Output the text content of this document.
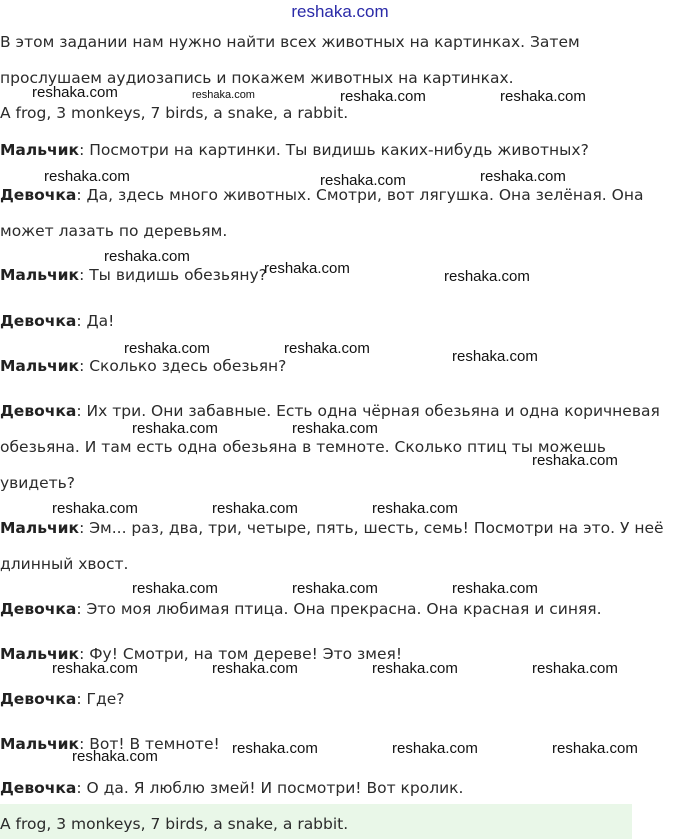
reshaka.com
В этом задании нам нужно найти всех животных на картинках. Затем
прослушаем аудиозапись и покажем животных на картинках.
A frog, 3 monkeys, 7 birds, a snake, a rabbit.
Мальчик: Посмотри на картинки. Ты видишь каких-нибудь животных?
Девочка: Да, здесь много животных. Смотри, вот лягушка. Она зелёная. Она
может лазать по деревьям.
Мальчик: Ты видишь обезьяну?
Девочка: Да!
Мальчик: Сколько здесь обезьян?
Девочка: Их три. Они забавные. Есть одна чёрная обезьяна и одна коричневая
обезьяна. И там есть одна обезьяна в темноте. Сколько птиц ты можешь
увидеть?
Мальчик: Эм... раз, два, три, четыре, пять, шесть, семь! Посмотри на это. У неё
длинный хвост.
Девочка: Это моя любимая птица. Она прекрасна. Она красная и синяя.
Мальчик: Фу! Смотри, на том дереве! Это змея!
Девочка: Где?
Мальчик: Вот! В темноте!
Девочка: О да. Я люблю змей! И посмотри! Вот кролик.
A frog, 3 monkeys, 7 birds, a snake, a rabbit.
reshaka.com	reshaka.com	reshaka.com	reshaka.com
reshaka.com	reshaka.com	reshaka.com
reshaka.com
reshaka.com	reshaka.com
reshaka.com	reshaka.com	reshaka.com
reshaka.com	reshaka.com
reshaka.com
reshaka.com	reshaka.com	reshaka.com
reshaka.com	reshaka.com	reshaka.com
reshaka.com	reshaka.com	reshaka.com	reshaka.com
reshaka.com	reshaka.com	reshaka.com	reshaka.com
